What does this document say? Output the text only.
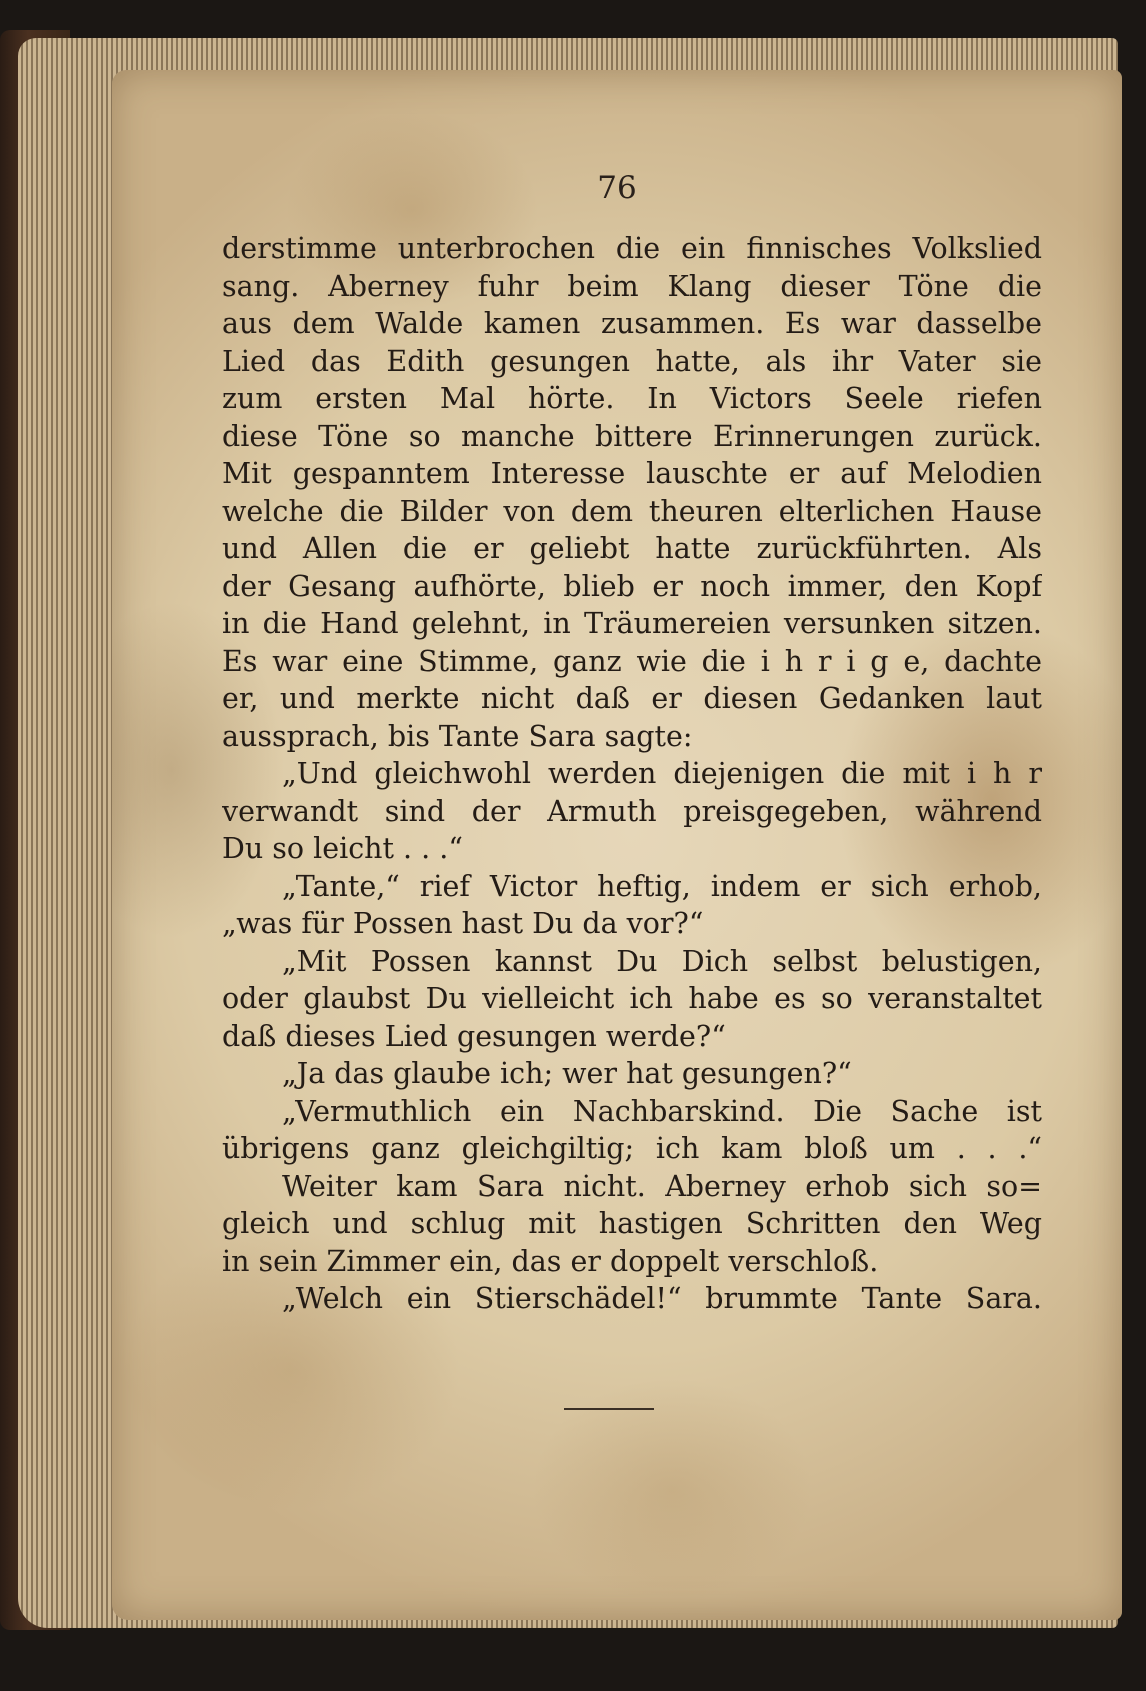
76
derstimme unterbrochen die ein finnisches Volkslied
sang. Aberney fuhr beim Klang dieser Töne die
aus dem Walde kamen zusammen. Es war dasselbe
Lied das Edith gesungen hatte, als ihr Vater sie
zum ersten Mal hörte. In Victors Seele riefen
diese Töne so manche bittere Erinnerungen zurück.
Mit gespanntem Interesse lauschte er auf Melodien
welche die Bilder von dem theuren elterlichen Hause
und Allen die er geliebt hatte zurückführten. Als
der Gesang aufhörte, blieb er noch immer, den Kopf
in die Hand gelehnt, in Träumereien versunken sitzen.
Es war eine Stimme, ganz wie die i h r i g e, dachte
er, und merkte nicht daß er diesen Gedanken laut
aussprach, bis Tante Sara sagte:
„Und gleichwohl werden diejenigen die mit i h r
verwandt sind der Armuth preisgegeben, während
Du so leicht . . .“
„Tante,“ rief Victor heftig, indem er sich erhob,
„was für Possen hast Du da vor?“
„Mit Possen kannst Du Dich selbst belustigen,
oder glaubst Du vielleicht ich habe es so veranstaltet
daß dieses Lied gesungen werde?“
„Ja das glaube ich; wer hat gesungen?“
„Vermuthlich ein Nachbarskind. Die Sache ist
übrigens ganz gleichgiltig; ich kam bloß um . . .“
Weiter kam Sara nicht. Aberney erhob sich so=
gleich und schlug mit hastigen Schritten den Weg
in sein Zimmer ein, das er doppelt verschloß.
„Welch ein Stierschädel!“ brummte Tante Sara.
